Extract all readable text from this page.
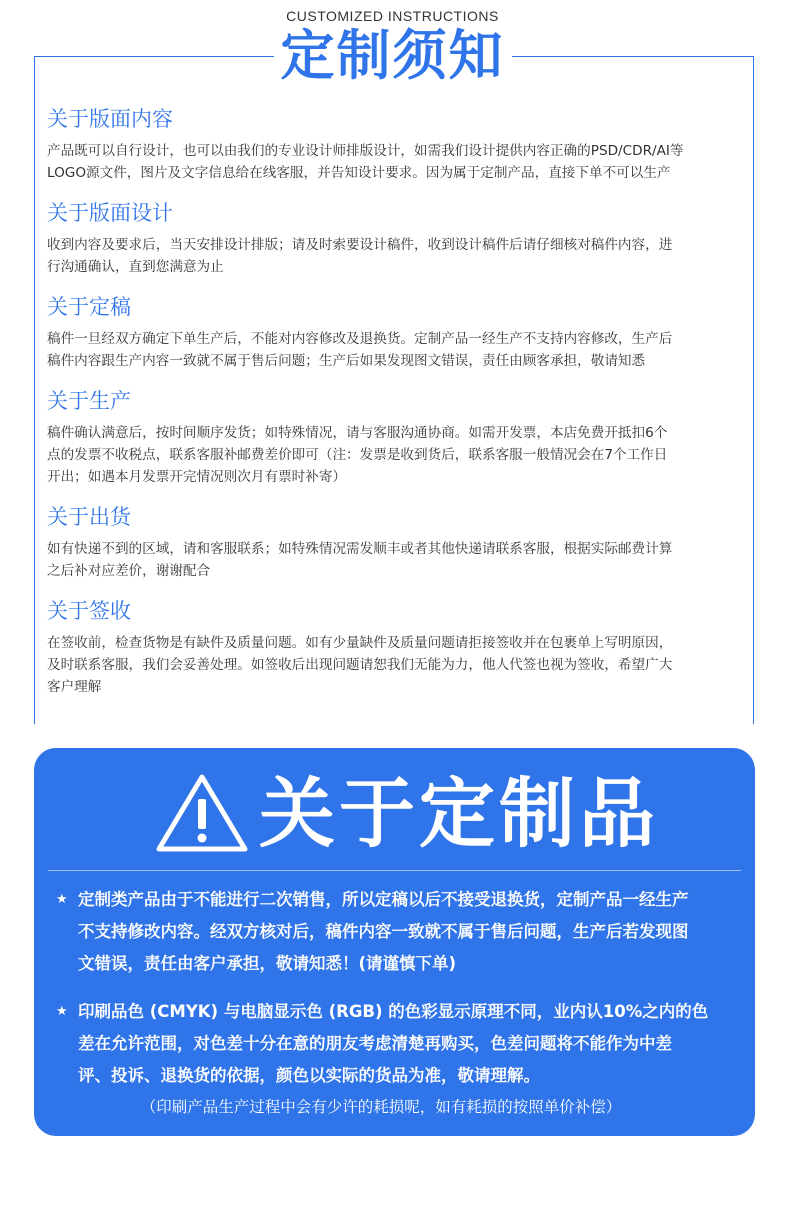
CUSTOMIZED INSTRUCTIONS
定制须知
关于版面内容

产品既可以自行设计，也可以由我们的专业设计师排版设计，如需我们设计提供内容正确的PSD/CDR/AI等
LOGO源文件，图片及文字信息给在线客服，并告知设计要求。因为属于定制产品，直接下单不可以生产

关于版面设计

收到内容及要求后，当天安排设计排版；请及时索要设计稿件，收到设计稿件后请仔细核对稿件内容，进
行沟通确认，直到您满意为止

关于定稿

稿件一旦经双方确定下单生产后，不能对内容修改及退换货。定制产品一经生产不支持内容修改，生产后
稿件内容跟生产内容一致就不属于售后问题；生产后如果发现图文错误，责任由顾客承担，敬请知悉

关于生产

稿件确认满意后，按时间顺序发货；如特殊情况，请与客服沟通协商。如需开发票，本店免费开抵扣6个
点的发票不收税点，联系客服补邮费差价即可（注：发票是收到货后，联系客服一般情况会在7个工作日
开出；如遇本月发票开完情况则次月有票时补寄）

关于出货

如有快递不到的区域，请和客服联系；如特殊情况需发顺丰或者其他快递请联系客服，根据实际邮费计算
之后补对应差价，谢谢配合

关于签收

在签收前，检查货物是有缺件及质量问题。如有少量缺件及质量问题请拒接签收并在包裹单上写明原因，
及时联系客服，我们会妥善处理。如签收后出现问题请恕我们无能为力，他人代签也视为签收，希望广大
客户理解

关于定制品
★ 定制类产品由于不能进行二次销售，所以定稿以后不接受退换货，定制产品一经生产
不支持修改内容。经双方核对后，稿件内容一致就不属于售后问题，生产后若发现图
文错误，责任由客户承担，敬请知悉！(请谨慎下单)
★ 印刷品色 (CMYK) 与电脑显示色 (RGB) 的色彩显示原理不同，业内认10%之内的色
差在允许范围，对色差十分在意的朋友考虑清楚再购买，色差问题将不能作为中差
评、投诉、退换货的依据，颜色以实际的货品为准，敬请理解。
（印刷产品生产过程中会有少许的耗损呢，如有耗损的按照单价补偿）
